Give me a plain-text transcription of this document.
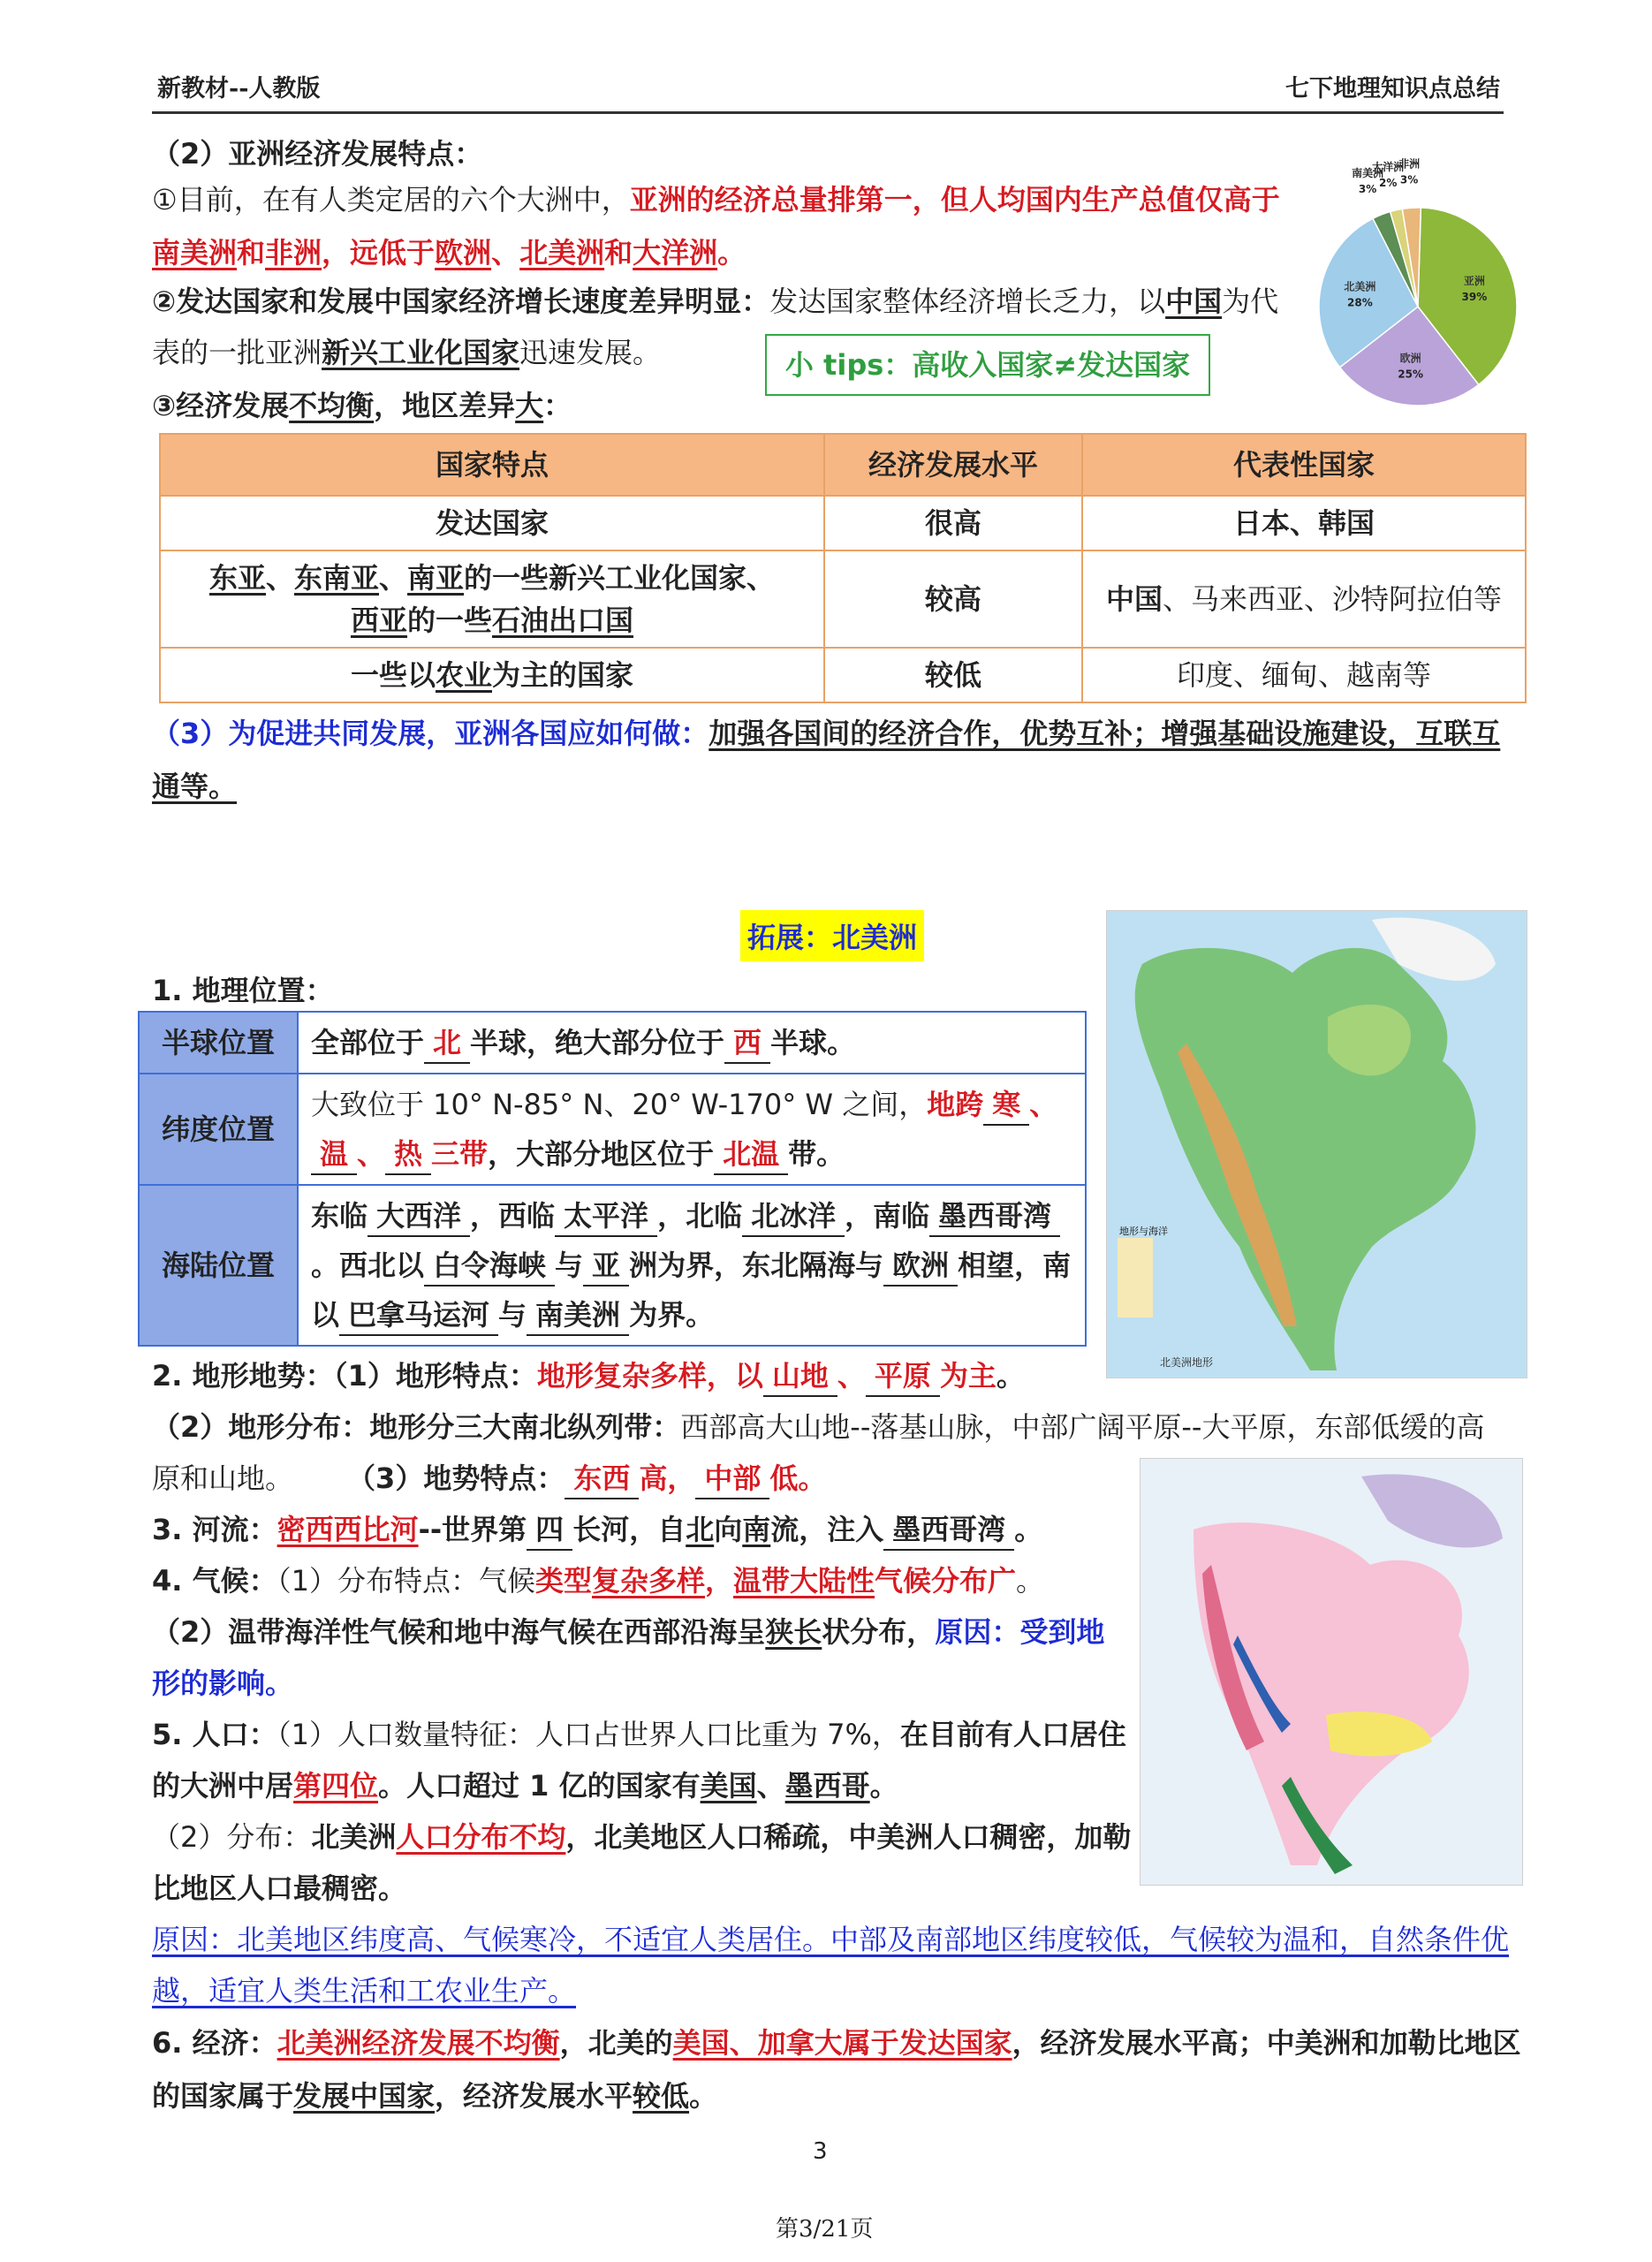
新教材--人教版	七下地理知识点总结
（2）亚洲经济发展特点：
①目前，在有人类定居的六个大洲中，亚洲的经济总量排第一，但人均国内生产总值仅高于南美洲和非洲，远低于欧洲、北美洲和大洋洲。
②发达国家和发展中国家经济增长速度差异明显：发达国家整体经济增长乏力，以中国为代表的一批亚洲新兴工业化国家迅速发展。	小 tips：高收入国家≠发达国家
③经济发展不均衡，地区差异大：
亚洲
39%
欧洲
25%
北美洲
28%
南美洲
3%
大洋洲
2%
非洲
3%
国家特点	经济发展水平	代表性国家
发达国家	很高	日本、韩国
东亚、东南亚、南亚的一些新兴工业化国家、
西亚的一些石油出口国	较高	中国、马来西亚、沙特阿拉伯等
一些以农业为主的国家	较低	印度、缅甸、越南等
（3）为促进共同发展，亚洲各国应如何做：加强各国间的经济合作，优势互补；增强基础设施建设，互联互通等。
拓展：北美洲
地形与海洋
北美洲地形
1. 地理位置：
半球位置	全部位于 北 半球，绝大部分位于 西 半球。
纬度位置	大致位于 10° N-85° N、20° W-170° W 之间，地跨 寒 、温 、 热 三带，大部分地区位于 北温 带。
海陆位置	东临 大西洋 ，西临 太平洋 ，北临 北冰洋 ，南临 墨西哥湾。西北以 白令海峡 与 亚 洲为界，东北隔海与 欧洲 相望，南以 巴拿马运河 与 南美洲 为界。
2. 地形地势：（1）地形特点：地形复杂多样，以 山地 、 平原 为主。
（2）地形分布：地形分三大南北纵列带：西部高大山地--落基山脉，中部广阔平原--大平原，东部低缓的高原和山地。 （3）地势特点： 东西 高， 中部 低。
3. 河流：密西西比河--世界第 四 长河，自北向南流，注入 墨西哥湾 。
4. 气候：（1）分布特点：气候类型复杂多样，温带大陆性气候分布广。
（2）温带海洋性气候和地中海气候在西部沿海呈狭长状分布，原因：受到地形的影响。
5. 人口：（1）人口数量特征：人口占世界人口比重为 7%，在目前有人口居住的大洲中居第四位。人口超过 1 亿的国家有美国、墨西哥。
（2）分布：北美洲人口分布不均，北美地区人口稀疏，中美洲人口稠密，加勒比地区人口最稠密。
原因：北美地区纬度高、气候寒冷，不适宜人类居住。中部及南部地区纬度较低，气候较为温和，自然条件优越，适宜人类生活和工农业生产。
6. 经济：北美洲经济发展不均衡，北美的美国、加拿大属于发达国家，经济发展水平高；中美洲和加勒比地区的国家属于发展中国家，经济发展水平较低。
3
第3/21页
